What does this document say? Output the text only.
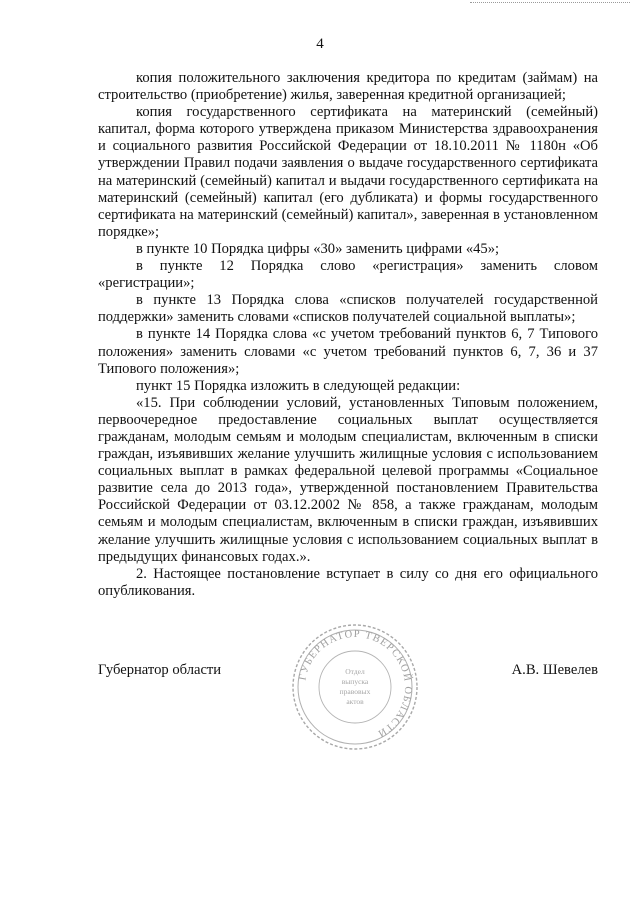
4

копия положительного заключения кредитора по кредитам (займам) на строительство (приобретение) жилья, заверенная кредитной организацией;

копия государственного сертификата на материнский (семейный) капитал, форма которого утверждена приказом Министерства здравоохранения и социального развития Российской Федерации от 18.10.2011 № 1180н «Об утверждении Правил подачи заявления о выдаче государственного сертификата на материнский (семейный) капитал и выдачи государственного сертификата на материнский (семейный) капитал (его дубликата) и формы государственного сертификата на материнский (семейный) капитал», заверенная в установленном порядке»;

в пункте 10 Порядка цифры «30» заменить цифрами «45»;

в пункте 12 Порядка слово «регистрация» заменить словом «регистрации»;

в пункте 13 Порядка слова «списков получателей государственной поддержки» заменить словами «списков получателей социальной выплаты»;

в пункте 14 Порядка слова «с учетом требований пунктов 6, 7 Типового положения» заменить словами «с учетом требований пунктов 6, 7, 36 и 37 Типового положения»;

пункт 15 Порядка изложить в следующей редакции:

«15. При соблюдении условий, установленных Типовым положением, первоочередное предоставление социальных выплат осуществляется гражданам, молодым семьям и молодым специалистам, включенным в списки граждан, изъявивших желание улучшить жилищные условия с использованием социальных выплат в рамках федеральной целевой программы «Социальное развитие села до 2013 года», утвержденной постановлением Правительства Российской Федерации от 03.12.2002 № 858, а также гражданам, молодым семьям и молодым специалистам, включенным в списки граждан, изъявивших желание улучшить жилищные условия с использованием социальных выплат в предыдущих финансовых годах.».

2. Настоящее постановление вступает в силу со дня его официального опубликования.

ГУБЕРНАТОР ТВЕРСКОЙ ОБЛАСТИ
Отдел
выпуска
правовых
актов
Губернатор области	А.В. Шевелев
